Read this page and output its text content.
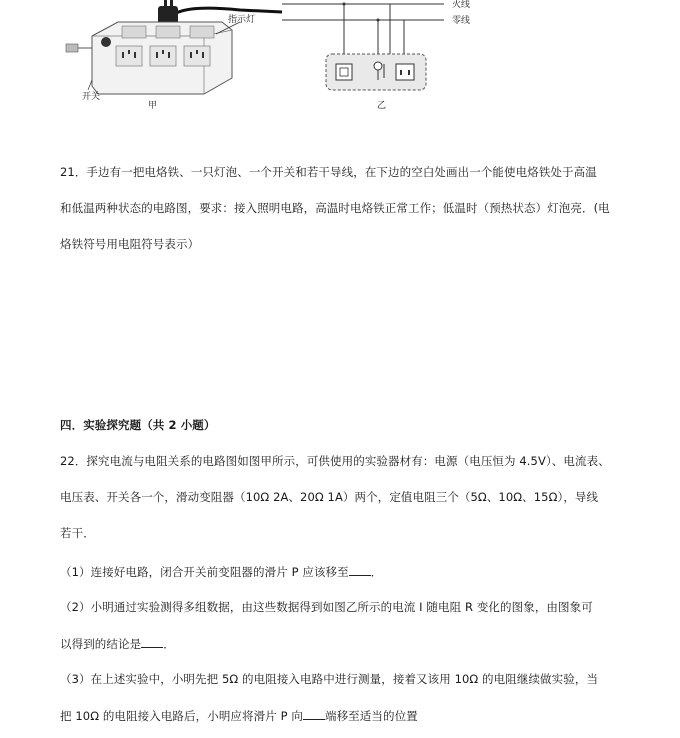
指示灯
开关
甲
火线
零线
乙
21．手边有一把电烙铁、一只灯泡、一个开关和若干导线，在下边的空白处画出一个能使电烙铁处于高温
和低温两种状态的电路图，要求：接入照明电路，高温时电烙铁正常工作；低温时（预热状态）灯泡亮．(电
烙铁符号用电阻符号表示）
四．实验探究题（共 2 小题）
22．探究电流与电阻关系的电路图如图甲所示，可供使用的实验器材有：电源（电压恒为 4.5V）、电流表、
电压表、开关各一个，滑动变阻器（10Ω 2A、20Ω 1A）两个，定值电阻三个（5Ω、10Ω、15Ω），导线
若干．
（1）连接好电路，闭合开关前变阻器的滑片 P 应该移至 ．
（2）小明通过实验测得多组数据，由这些数据得到如图乙所示的电流 I 随电阻 R 变化的图象，由图象可
以得到的结论是 ．
（3）在上述实验中，小明先把 5Ω 的电阻接入电路中进行测量，接着又该用 10Ω 的电阻继续做实验，当
把 10Ω 的电阻接入电路后，小明应将滑片 P 向 端移至适当的位置
